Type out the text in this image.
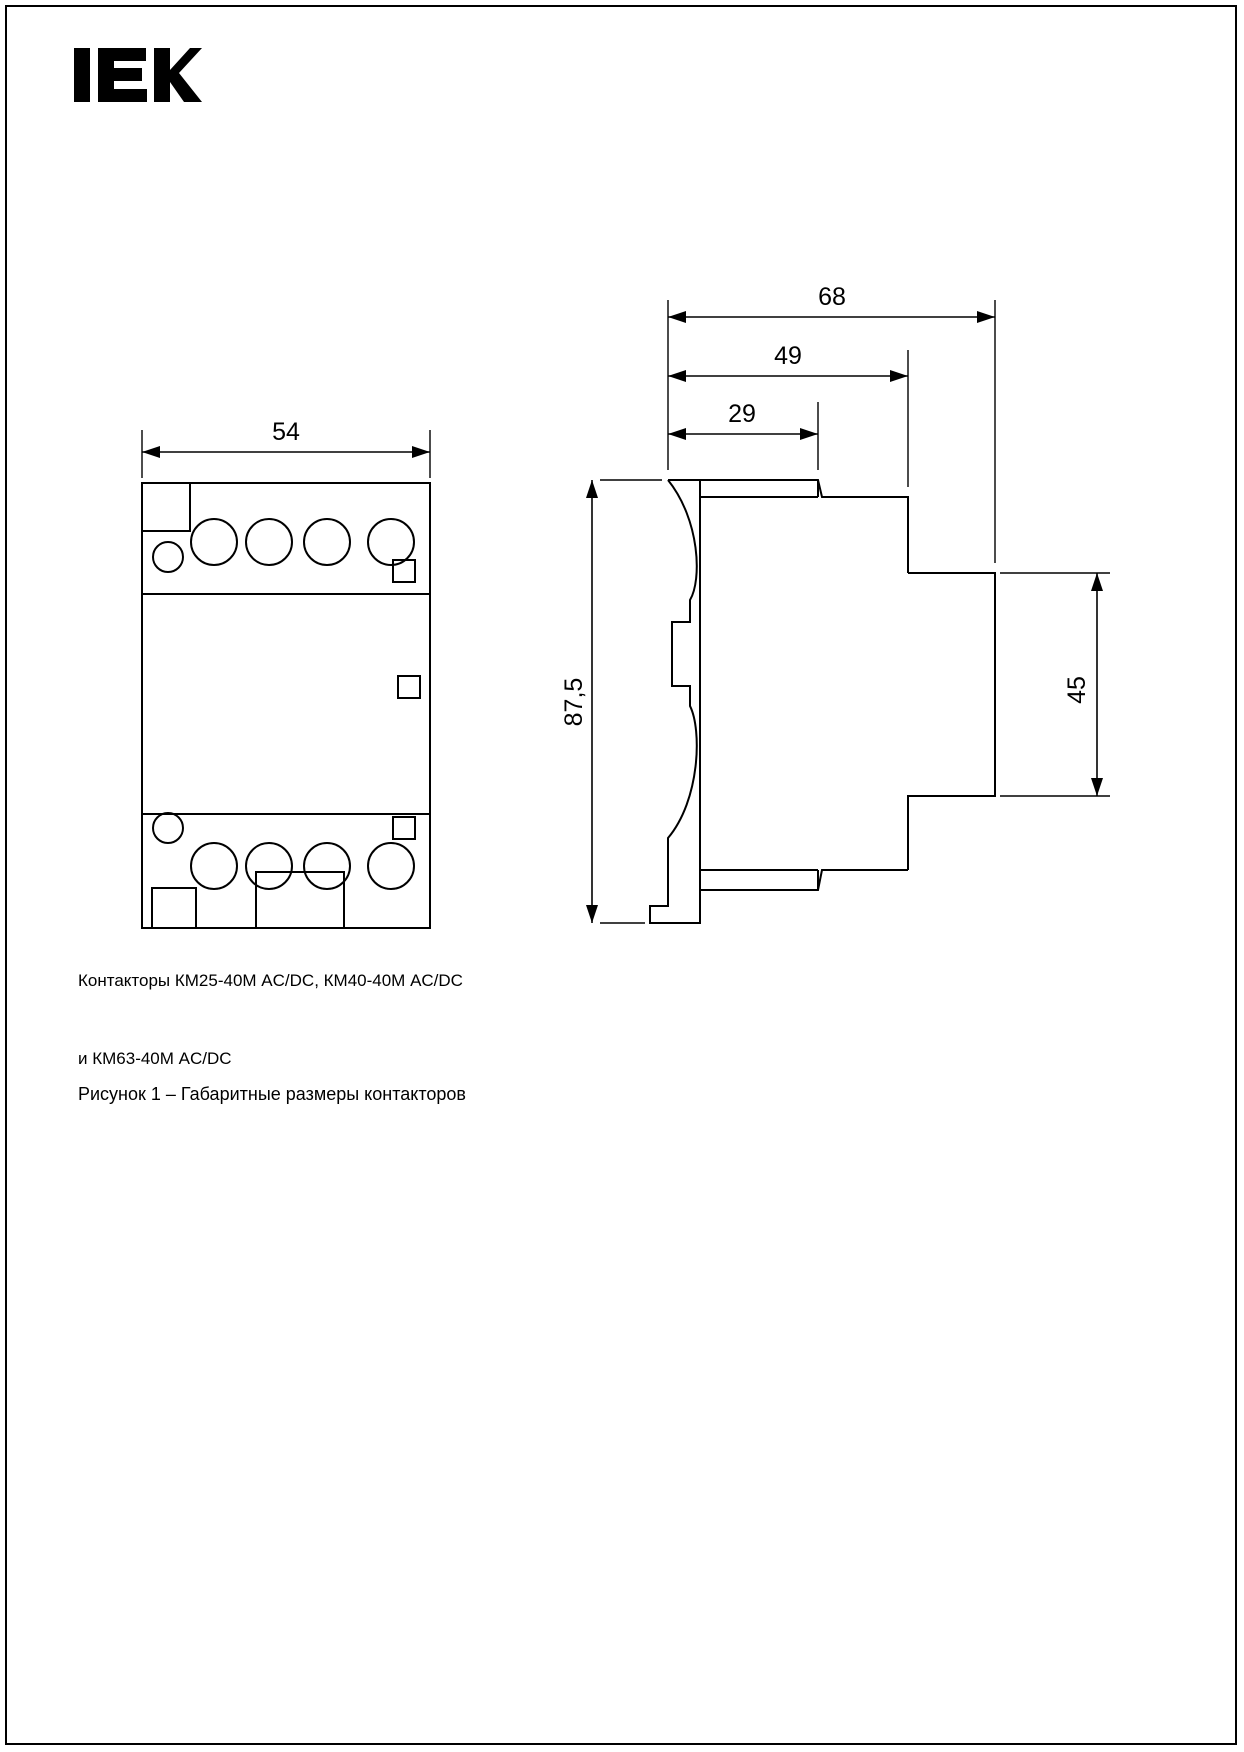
54
68
49
29
87,5	45

Контакторы КМ25-40М AC/DC, КМ40-40М AC/DC

и КМ63-40М AC/DC

Рисунок 1 – Габаритные размеры контакторов
